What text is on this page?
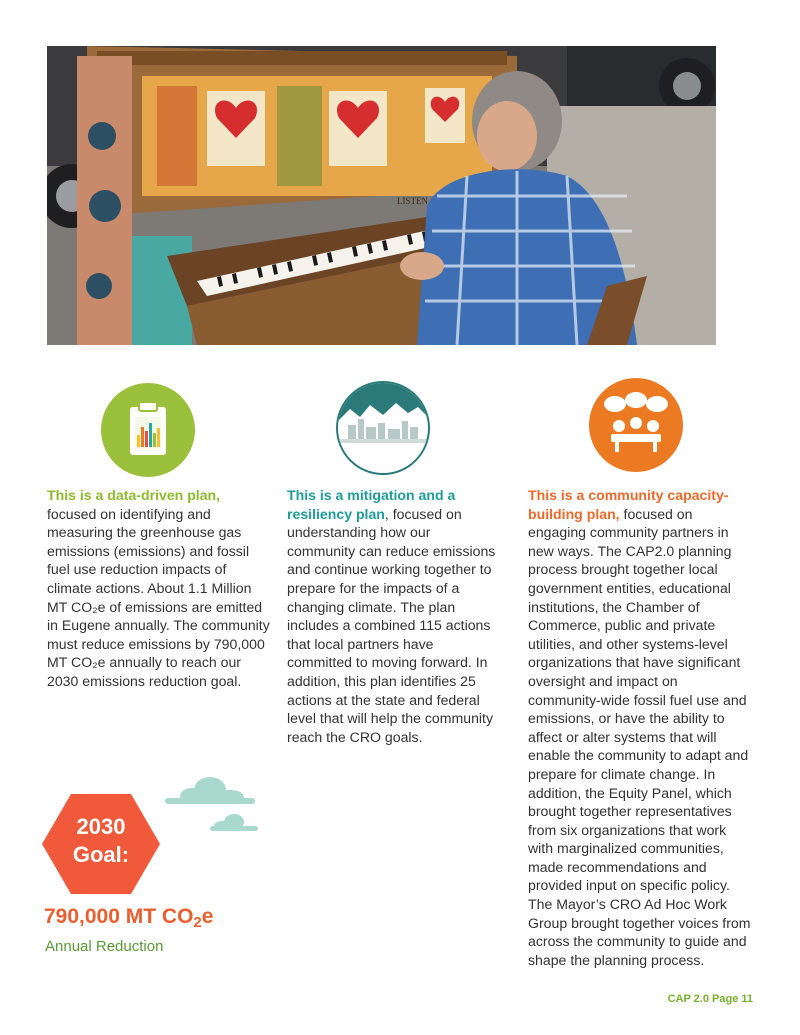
LISTEN
This is a data-driven plan, focused on identifying and measuring the greenhouse gas emissions (emissions) and fossil fuel use reduction impacts of climate actions. About 1.1 Million MT CO₂e of emissions are emitted in Eugene annually. The community must reduce emissions by 790,000 MT CO₂e annually to reach our 2030 emissions reduction goal.
This is a mitigation and a resiliency plan, focused on understanding how our community can reduce emissions and continue working together to prepare for the impacts of a changing climate. The plan includes a combined 115 actions that local partners have committed to moving forward. In addition, this plan identifies 25 actions at the state and federal level that will help the community reach the CRO goals.
This is a community capacity-building plan, focused on engaging community partners in new ways. The CAP2.0 planning process brought together local government entities, educational institutions, the Chamber of Commerce, public and private utilities, and other systems-level organizations that have significant oversight and impact on community-wide fossil fuel use and emissions, or have the ability to affect or alter systems that will enable the community to adapt and prepare for climate change. In addition, the Equity Panel, which brought together representatives from six organizations that work with marginalized communities, made recommendations and provided input on specific policy. The Mayor’s CRO Ad Hoc Work Group brought together voices from across the community to guide and shape the planning process.
2030
Goal:
790,000 MT $CO_2e$
Annual Reduction
CAP 2.0 Page 11
